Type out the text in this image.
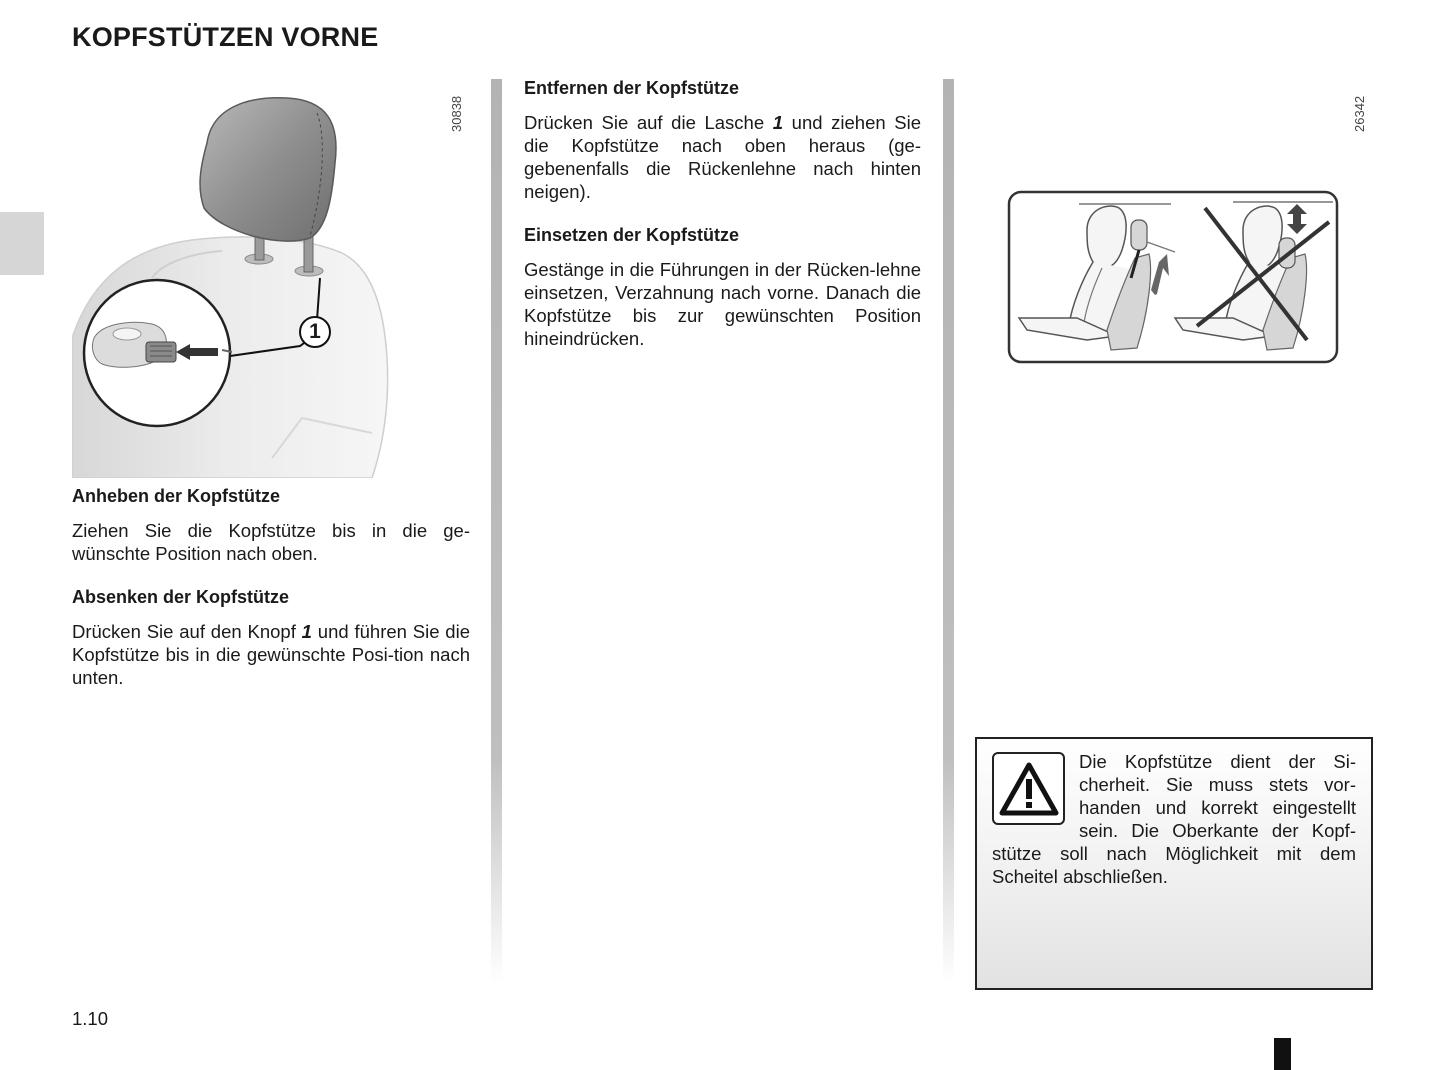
KOPFSTÜTZEN VORNE
1
30838
Anheben der Kopfstütze
Ziehen Sie die Kopfstütze bis in die ge-wünschte Position nach oben.
Absenken der Kopfstütze
Drücken Sie auf den Knopf 1 und führen Sie die Kopfstütze bis in die gewünschte Posi-tion nach unten.
Entfernen der Kopfstütze
Drücken Sie auf die Lasche 1 und ziehen Sie die Kopfstütze nach oben heraus (ge-gebenenfalls die Rückenlehne nach hinten neigen).
Einsetzen der Kopfstütze
Gestänge in die Führungen in der Rücken-lehne einsetzen, Verzahnung nach vorne. Danach die Kopfstütze bis zur gewünschten Position hineindrücken.
26342
Die Kopfstütze dient der Si-cherheit. Sie muss stets vor-handen und korrekt eingestellt sein. Die Oberkante der Kopf-stütze soll nach Möglichkeit mit dem Scheitel abschließen.
1.10
